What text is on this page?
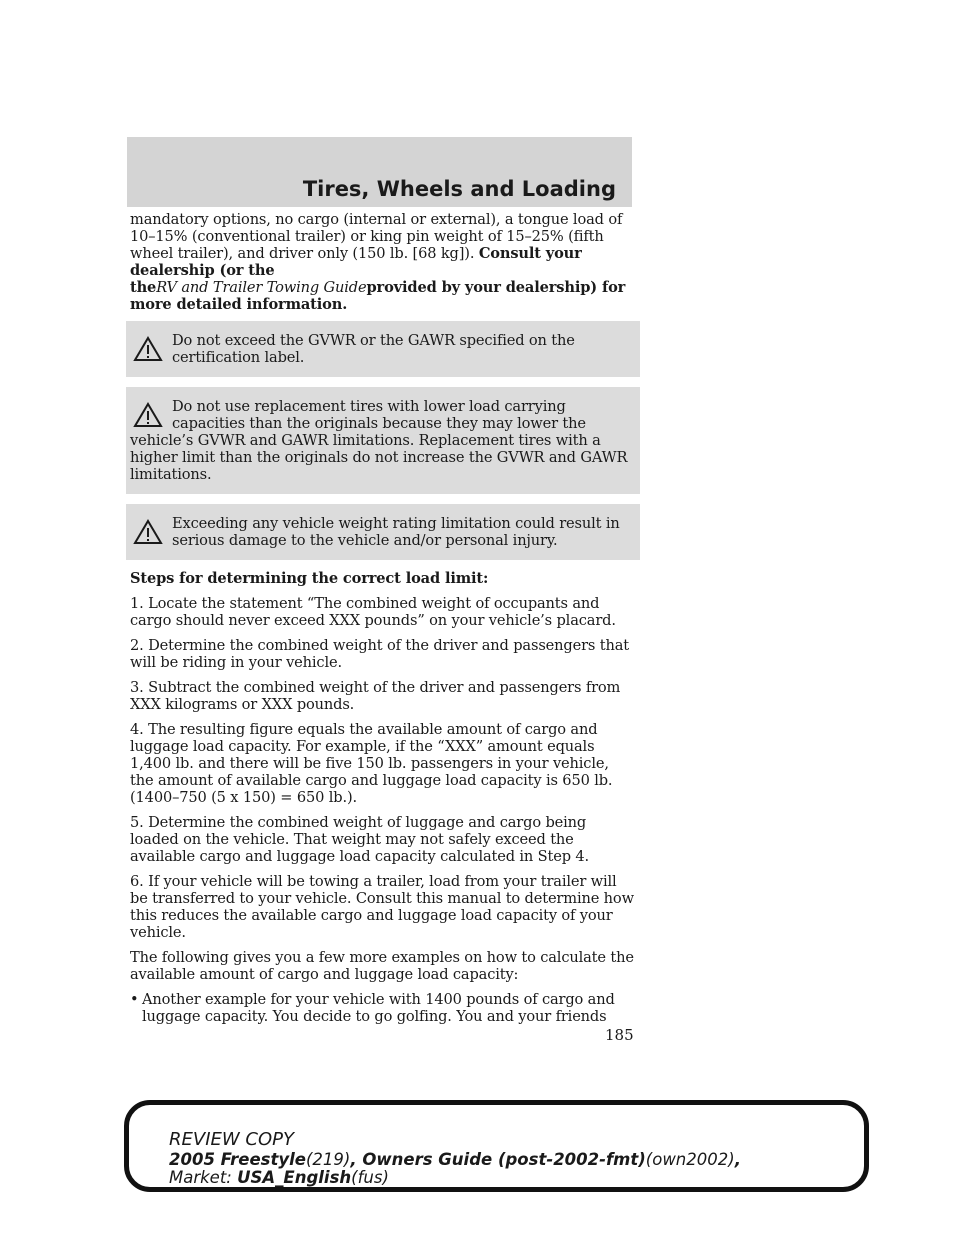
Tires, Wheels and Loading

mandatory options, no cargo (internal or external), a tongue load of 10–15% (conventional trailer) or king pin weight of 15–25% (fifth wheel trailer), and driver only (150 lb. [68 kg]). Consult your dealership (or the
theRV and Trailer Towing Guideprovided by your dealership) for more detailed information.

Do not exceed the GVWR or the GAWR specified on the certification label.
Do not use replacement tires with lower load carrying capacities than the originals because they may lower the vehicle’s GVWR and GAWR limitations. Replacement tires with a higher limit than the originals do not increase the GVWR and GAWR limitations.
Exceeding any vehicle weight rating limitation could result in serious damage to the vehicle and/or personal injury.

Steps for determining the correct load limit:

1. Locate the statement “The combined weight of occupants and cargo should never exceed XXX pounds” on your vehicle’s placard.

2. Determine the combined weight of the driver and passengers that will be riding in your vehicle.

3. Subtract the combined weight of the driver and passengers from XXX kilograms or XXX pounds.

4. The resulting figure equals the available amount of cargo and luggage load capacity. For example, if the “XXX” amount equals 1,400 lb. and there will be five 150 lb. passengers in your vehicle, the amount of available cargo and luggage load capacity is 650 lb. (1400–750 (5 x 150) = 650 lb.).

5. Determine the combined weight of luggage and cargo being loaded on the vehicle. That weight may not safely exceed the available cargo and luggage load capacity calculated in Step 4.

6. If your vehicle will be towing a trailer, load from your trailer will be transferred to your vehicle. Consult this manual to determine how this reduces the available cargo and luggage load capacity of your vehicle.

The following gives you a few more examples on how to calculate the available amount of cargo and luggage load capacity:

• Another example for your vehicle with 1400 pounds of cargo and luggage capacity. You decide to go golfing. You and your friends

185

REVIEW COPY
2005 Freestyle(219), Owners Guide (post-2002-fmt)(own2002),
Market: USA_English(fus)
